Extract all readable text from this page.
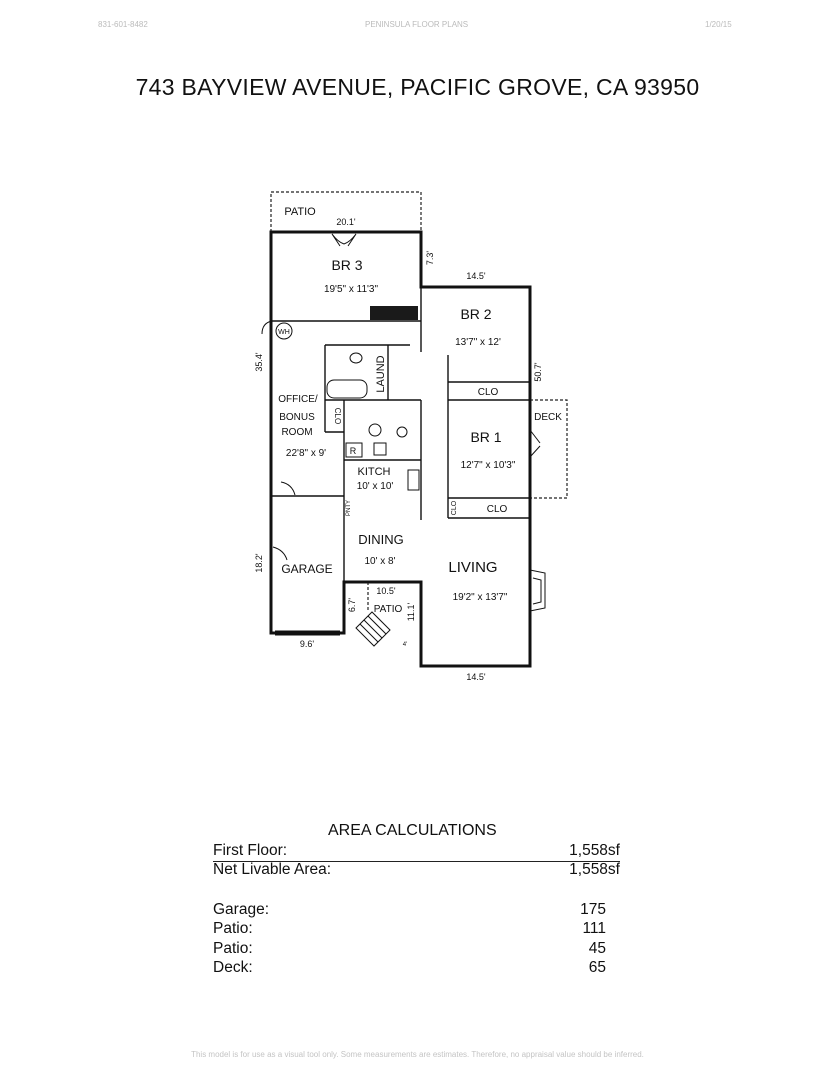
831-601-8482	PENINSULA FLOOR PLANS	1/20/15
743 BAYVIEW AVENUE, PACIFIC GROVE, CA 93950
BR 3
19'5" x 11'3"
BR 2
13'7" x 12'
BR 1
12'7" x 10'3"
OFFICE/
BONUS
ROOM
22'8" x 9'
KITCH
10' x 10'
DINING
10' x 8'	LIVING
19'2" x 13'7"
GARAGE
PATIO
PATIO
DECK
LAUND	CLO
CLO
CLO
CLO
WH
R
PNTY
20.1'
7.3'
14.5'
35.4'
50.7'
18.2'
9.6'
10.5'
6.7'	11.1'
4'
14.5'
AREA CALCULATIONS
First Floor:	1,558sf
Net Livable Area:	1,558sf
Garage:	175
Patio:	111
Patio:	45
Deck:	65
This model is for use as a visual tool only. Some measurements are estimates. Therefore, no appraisal value should be inferred.
